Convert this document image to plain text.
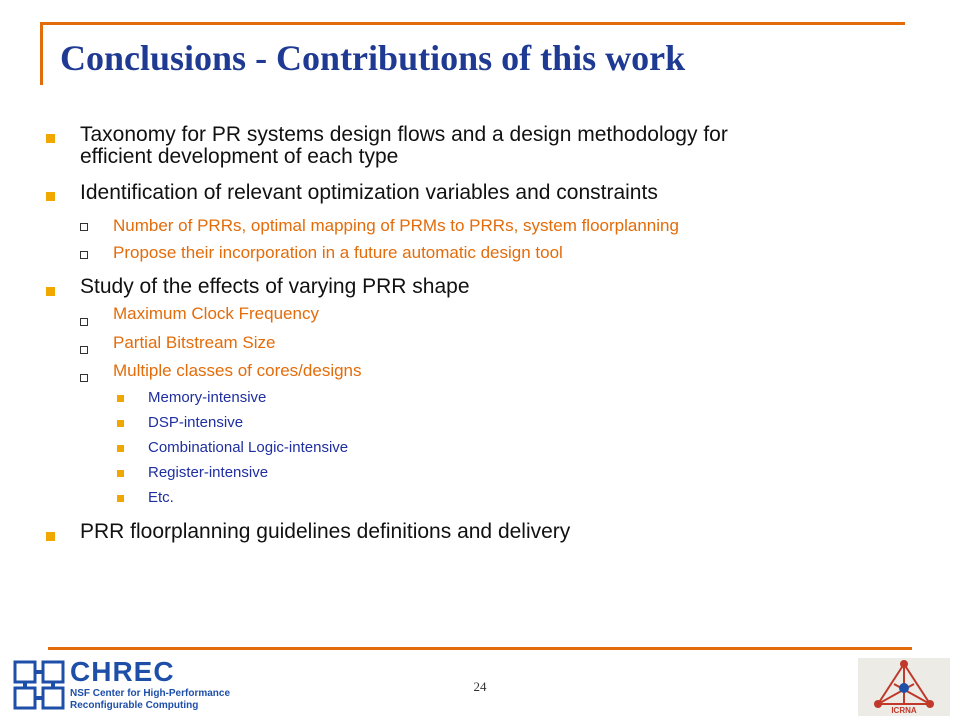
Conclusions - Contributions of this work
Taxonomy for PR systems design flows and a design methodology for
efficient development of each type
Identification of relevant optimization variables and constraints
Number of PRRs, optimal mapping of PRMs to PRRs, system floorplanning
Propose their incorporation in a future automatic design tool
Study of the effects of varying PRR shape
Maximum Clock Frequency
Partial Bitstream Size
Multiple classes of cores/designs
Memory-intensive
DSP-intensive
Combinational Logic-intensive
Register-intensive
Etc.
PRR floorplanning guidelines definitions and delivery
24
CHREC
NSF Center for High-Performance
Reconfigurable Computing	ICRNA
